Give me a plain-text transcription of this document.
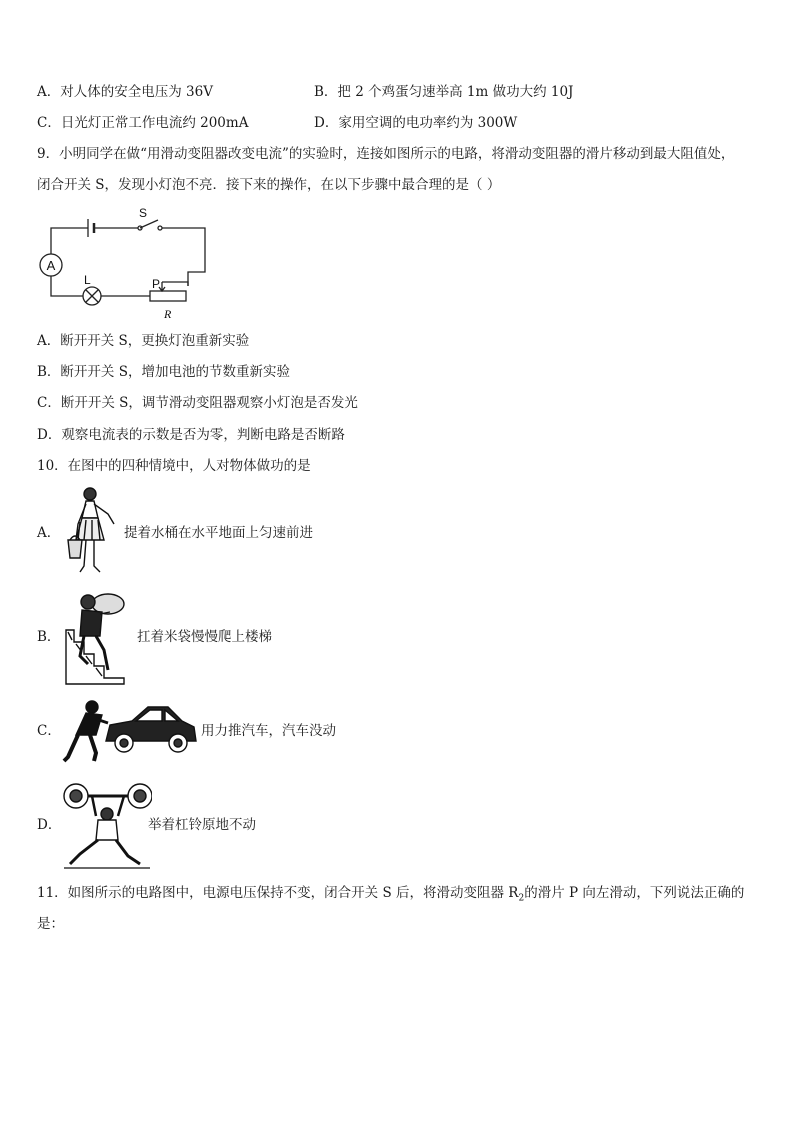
A．对人体的安全电压为 36V	B．把 2 个鸡蛋匀速举高 1m 做功大约 10J
C．日光灯正常工作电流约 200mA	D．家用空调的电功率约为 300W
9．小明同学在做“用滑动变阻器改变电流”的实验时，连接如图所示的电路，将滑动变阻器的滑片移动到最大阻值处，
闭合开关 S，发现小灯泡不亮．接下来的操作，在以下步骤中最合理的是（ ）
A
S
L	P
R
A．断开开关 S，更换灯泡重新实验
B．断开开关 S，增加电池的节数重新实验
C．断开开关 S，调节滑动变阻器观察小灯泡是否发光
D．观察电流表的示数是否为零，判断电路是否断路
10．在图中的四种情境中，人对物体做功的是
A．	提着水桶在水平地面上匀速前进
B．	扛着米袋慢慢爬上楼梯
C．	用力推汽车，汽车没动
D．	举着杠铃原地不动
11．如图所示的电路图中，电源电压保持不变，闭合开关 S 后，将滑动变阻器 $R_2$的滑片 P 向左滑动，下列说法正确的
是：
